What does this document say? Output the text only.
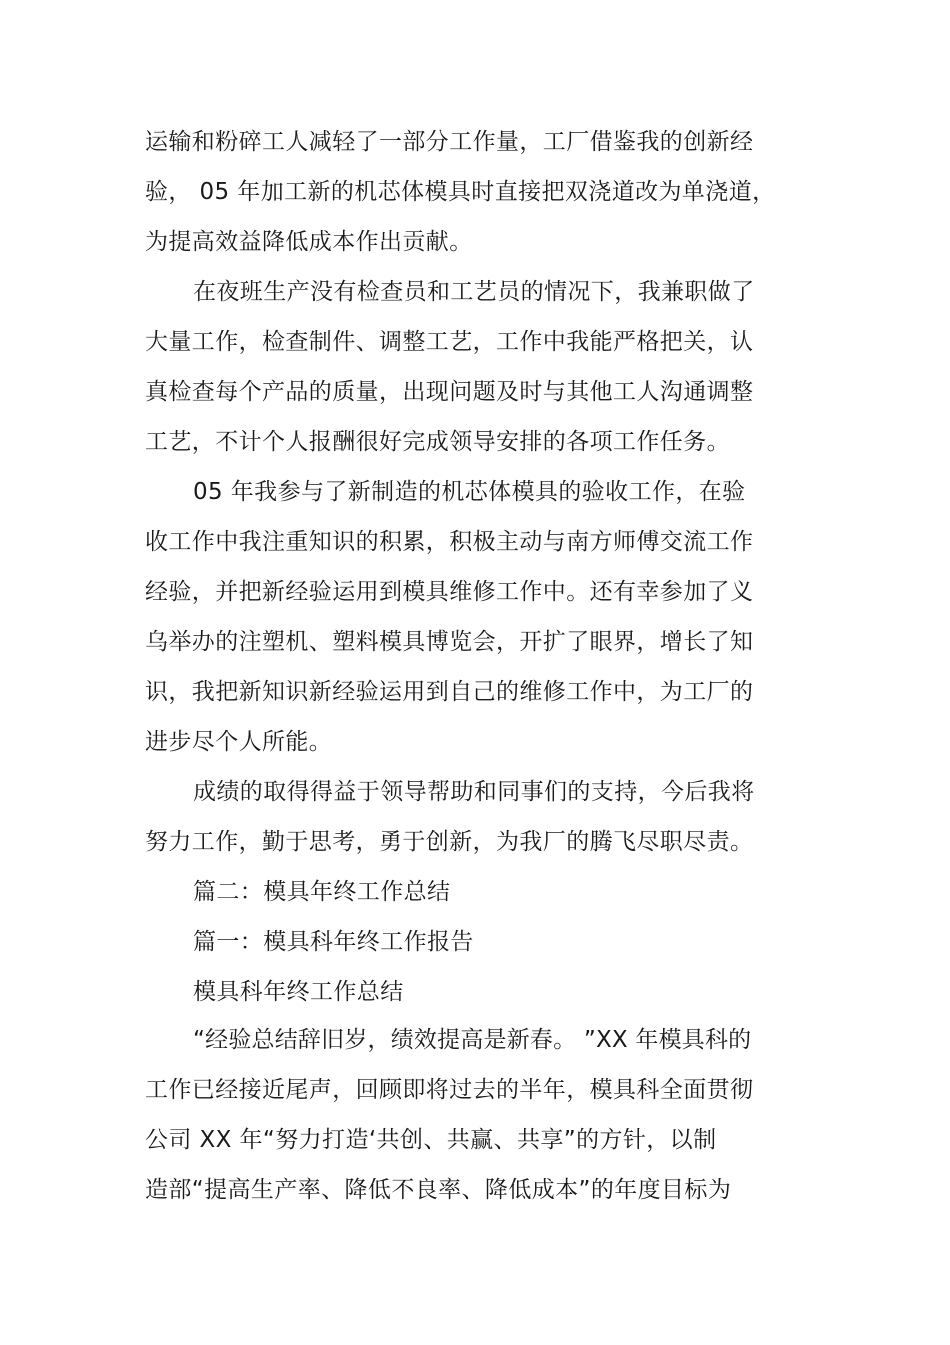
运输和粉碎工人减轻了一部分工作量，工厂借鉴我的创新经
验， 05 年加工新的机芯体模具时直接把双浇道改为单浇道，
为提高效益降低成本作出贡献。
在夜班生产没有检查员和工艺员的情况下，我兼职做了
大量工作，检查制件、调整工艺，工作中我能严格把关，认
真检查每个产品的质量，出现问题及时与其他工人沟通调整
工艺，不计个人报酬很好完成领导安排的各项工作任务。
05 年我参与了新制造的机芯体模具的验收工作，在验
收工作中我注重知识的积累，积极主动与南方师傅交流工作
经验，并把新经验运用到模具维修工作中。还有幸参加了义
乌举办的注塑机、塑料模具博览会，开扩了眼界，增长了知
识，我把新知识新经验运用到自己的维修工作中，为工厂的
进步尽个人所能。
成绩的取得得益于领导帮助和同事们的支持，今后我将
努力工作，勤于思考，勇于创新，为我厂的腾飞尽职尽责。
篇二：模具年终工作总结
篇一：模具科年终工作报告
模具科年终工作总结
“经验总结辞旧岁，绩效提高是新春。 ”XX 年模具科的
工作已经接近尾声，回顾即将过去的半年，模具科全面贯彻
公司 XX 年“努力打造‘共创、共赢、共享”的方针，以制
造部“提高生产率、降低不良率、降低成本”的年度目标为
